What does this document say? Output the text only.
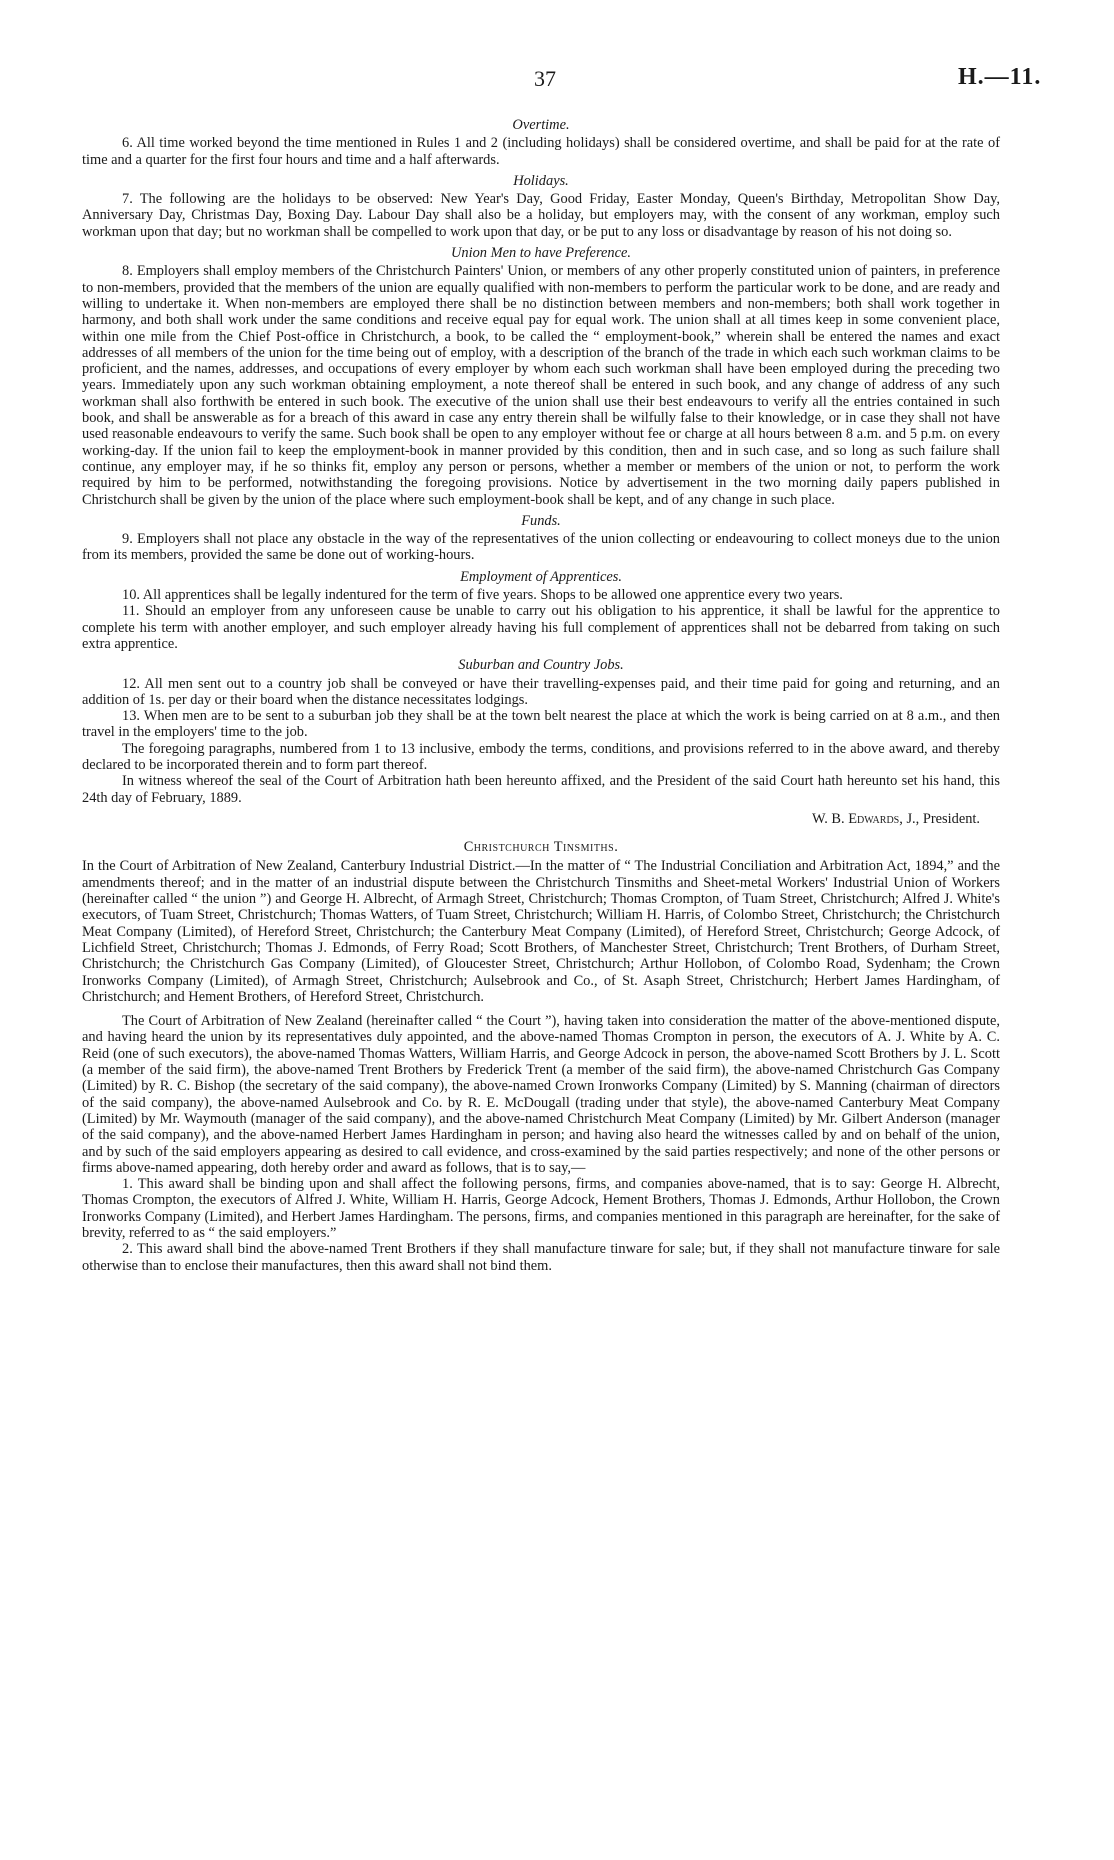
37	H.—11.
Overtime.

6. All time worked beyond the time mentioned in Rules 1 and 2 (including holidays) shall be considered overtime, and shall be paid for at the rate of time and a quarter for the first four hours and time and a half afterwards.

Holidays.

7. The following are the holidays to be observed: New Year's Day, Good Friday, Easter Monday, Queen's Birthday, Metropolitan Show Day, Anniversary Day, Christmas Day, Boxing Day. Labour Day shall also be a holiday, but employers may, with the consent of any workman, employ such workman upon that day; but no workman shall be compelled to work upon that day, or be put to any loss or disadvantage by reason of his not doing so.

Union Men to have Preference.

8. Employers shall employ members of the Christchurch Painters' Union, or members of any other properly constituted union of painters, in preference to non-members, provided that the members of the union are equally qualified with non-members to perform the particular work to be done, and are ready and willing to undertake it. When non-members are employed there shall be no distinction between members and non-members; both shall work together in harmony, and both shall work under the same conditions and receive equal pay for equal work. The union shall at all times keep in some convenient place, within one mile from the Chief Post-office in Christchurch, a book, to be called the “ employment-book,” wherein shall be entered the names and exact addresses of all members of the union for the time being out of employ, with a description of the branch of the trade in which each such workman claims to be proficient, and the names, addresses, and occupations of every employer by whom each such workman shall have been employed during the preceding two years. Immediately upon any such workman obtaining employment, a note thereof shall be entered in such book, and any change of address of any such workman shall also forthwith be entered in such book. The executive of the union shall use their best endeavours to verify all the entries contained in such book, and shall be answerable as for a breach of this award in case any entry therein shall be wilfully false to their knowledge, or in case they shall not have used reasonable endeavours to verify the same. Such book shall be open to any employer without fee or charge at all hours between 8 a.m. and 5 p.m. on every working-day. If the union fail to keep the employment-book in manner provided by this condition, then and in such case, and so long as such failure shall continue, any employer may, if he so thinks fit, employ any person or persons, whether a member or members of the union or not, to perform the work required by him to be performed, notwithstanding the foregoing provisions. Notice by advertisement in the two morning daily papers published in Christchurch shall be given by the union of the place where such employment-book shall be kept, and of any change in such place.

Funds.

9. Employers shall not place any obstacle in the way of the representatives of the union collecting or endeavouring to collect moneys due to the union from its members, provided the same be done out of working-hours.

Employment of Apprentices.

10. All apprentices shall be legally indentured for the term of five years. Shops to be allowed one apprentice every two years.

11. Should an employer from any unforeseen cause be unable to carry out his obligation to his apprentice, it shall be lawful for the apprentice to complete his term with another employer, and such employer already having his full complement of apprentices shall not be debarred from taking on such extra apprentice.

Suburban and Country Jobs.

12. All men sent out to a country job shall be conveyed or have their travelling-expenses paid, and their time paid for going and returning, and an addition of 1s. per day or their board when the distance necessitates lodgings.

13. When men are to be sent to a suburban job they shall be at the town belt nearest the place at which the work is being carried on at 8 a.m., and then travel in the employers' time to the job.

The foregoing paragraphs, numbered from 1 to 13 inclusive, embody the terms, conditions, and provisions referred to in the above award, and thereby declared to be incorporated therein and to form part thereof.

In witness whereof the seal of the Court of Arbitration hath been hereunto affixed, and the President of the said Court hath hereunto set his hand, this 24th day of February, 1889.

W. B. Edwards, J., President.
Christchurch Tinsmiths.

In the Court of Arbitration of New Zealand, Canterbury Industrial District.—In the matter of “ The Industrial Conciliation and Arbitration Act, 1894,” and the amendments thereof; and in the matter of an industrial dispute between the Christchurch Tinsmiths and Sheet-metal Workers' Industrial Union of Workers (hereinafter called “ the union ”) and George H. Albrecht, of Armagh Street, Christchurch; Thomas Crompton, of Tuam Street, Christchurch; Alfred J. White's executors, of Tuam Street, Christchurch; Thomas Watters, of Tuam Street, Christchurch; William H. Harris, of Colombo Street, Christchurch; the Christchurch Meat Company (Limited), of Hereford Street, Christchurch; the Canterbury Meat Company (Limited), of Hereford Street, Christchurch; George Adcock, of Lichfield Street, Christchurch; Thomas J. Edmonds, of Ferry Road; Scott Brothers, of Manchester Street, Christchurch; Trent Brothers, of Durham Street, Christchurch; the Christchurch Gas Company (Limited), of Gloucester Street, Christchurch; Arthur Hollobon, of Colombo Road, Sydenham; the Crown Ironworks Company (Limited), of Armagh Street, Christchurch; Aulsebrook and Co., of St. Asaph Street, Christchurch; Herbert James Hardingham, of Christchurch; and Hement Brothers, of Hereford Street, Christchurch.

The Court of Arbitration of New Zealand (hereinafter called “ the Court ”), having taken into consideration the matter of the above-mentioned dispute, and having heard the union by its representatives duly appointed, and the above-named Thomas Crompton in person, the executors of A. J. White by A. C. Reid (one of such executors), the above-named Thomas Watters, William Harris, and George Adcock in person, the above-named Scott Brothers by J. L. Scott (a member of the said firm), the above-named Trent Brothers by Frederick Trent (a member of the said firm), the above-named Christchurch Gas Company (Limited) by R. C. Bishop (the secretary of the said company), the above-named Crown Ironworks Company (Limited) by S. Manning (chairman of directors of the said company), the above-named Aulsebrook and Co. by R. E. McDougall (trading under that style), the above-named Canterbury Meat Company (Limited) by Mr. Waymouth (manager of the said company), and the above-named Christchurch Meat Company (Limited) by Mr. Gilbert Anderson (manager of the said company), and the above-named Herbert James Hardingham in person; and having also heard the witnesses called by and on behalf of the union, and by such of the said employers appearing as desired to call evidence, and cross-examined by the said parties respectively; and none of the other persons or firms above-named appearing, doth hereby order and award as follows, that is to say,—

1. This award shall be binding upon and shall affect the following persons, firms, and companies above-named, that is to say: George H. Albrecht, Thomas Crompton, the executors of Alfred J. White, William H. Harris, George Adcock, Hement Brothers, Thomas J. Edmonds, Arthur Hollobon, the Crown Ironworks Company (Limited), and Herbert James Hardingham. The persons, firms, and companies mentioned in this paragraph are hereinafter, for the sake of brevity, referred to as “ the said employers.”

2. This award shall bind the above-named Trent Brothers if they shall manufacture tinware for sale; but, if they shall not manufacture tinware for sale otherwise than to enclose their manufactures, then this award shall not bind them.
